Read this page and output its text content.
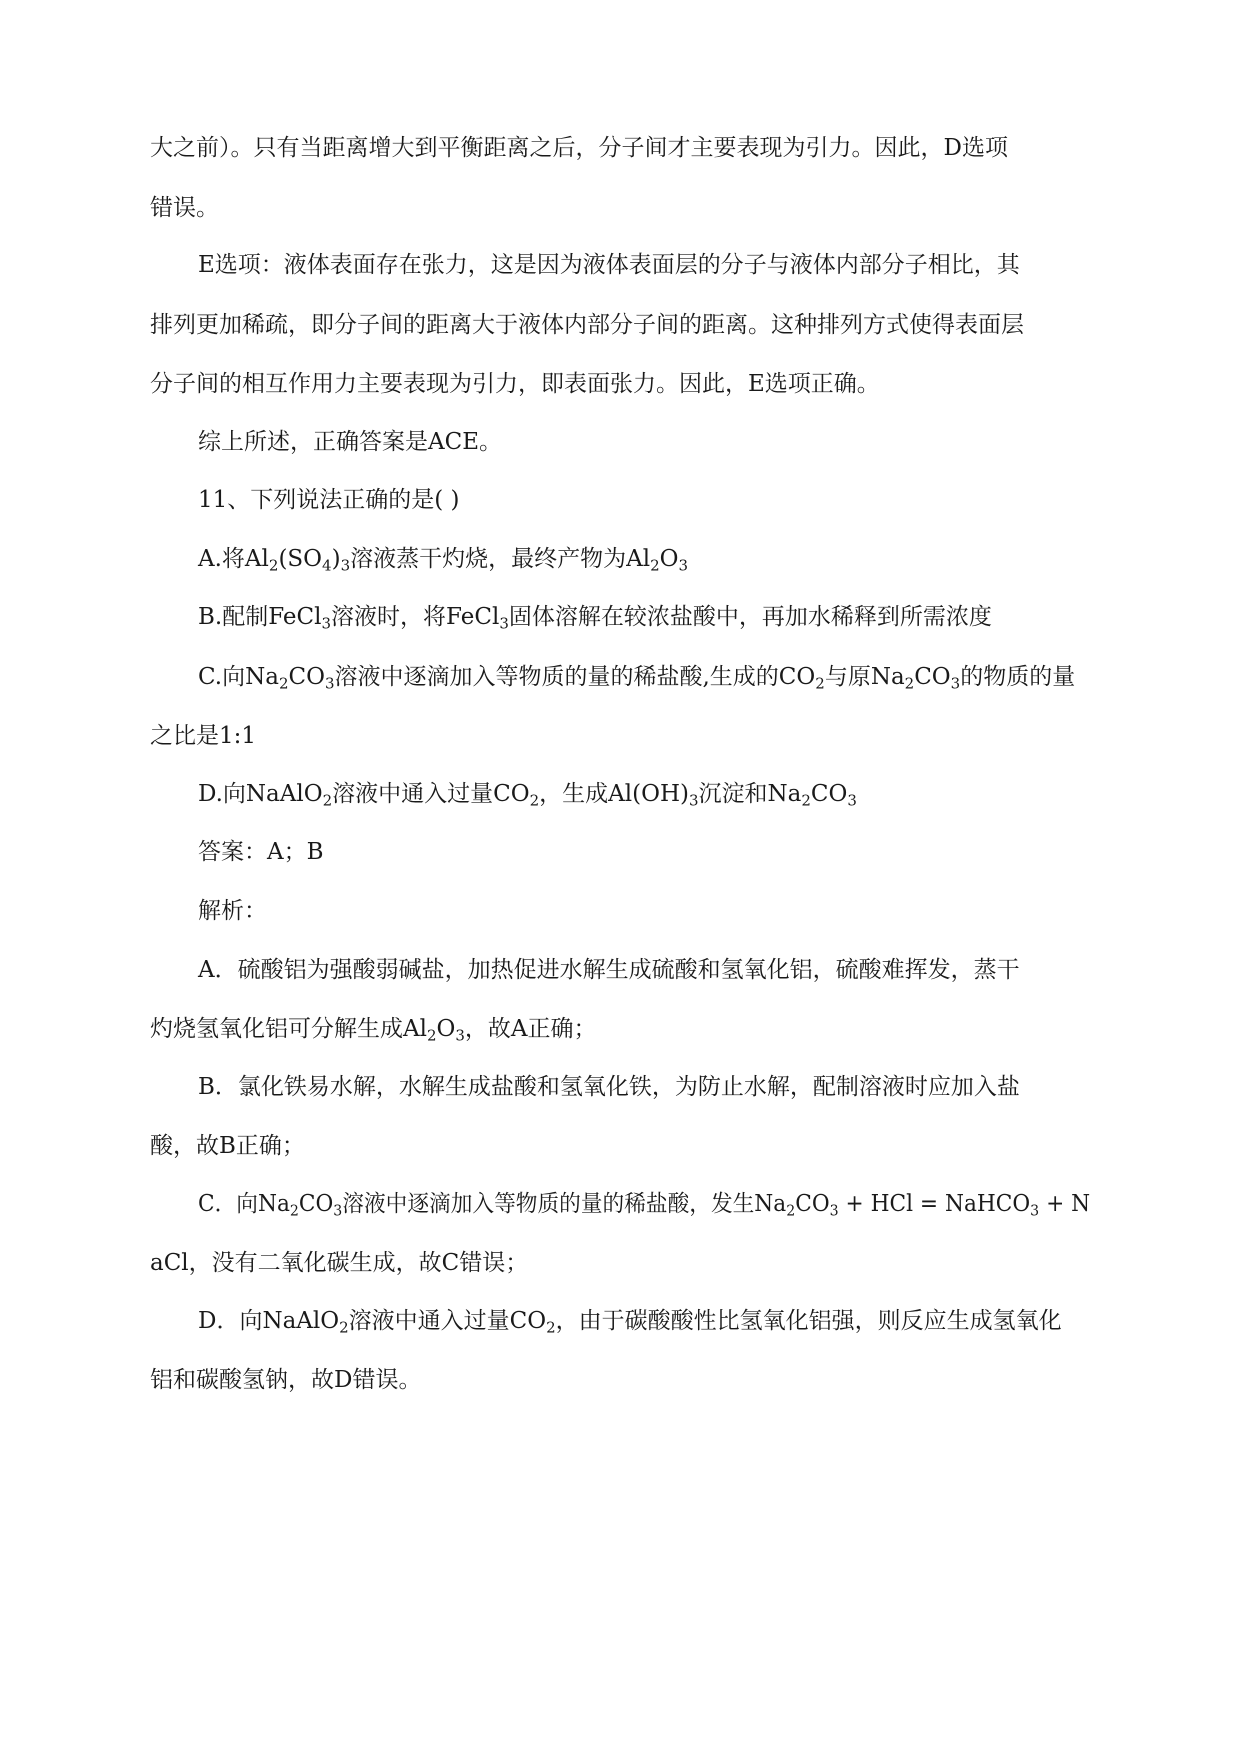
大之前）。只有当距离增大到平衡距离之后，分子间才主要表现为引力。因此，D选项

错误。

E选项：液体表面存在张力，这是因为液体表面层的分子与液体内部分子相比，其

排列更加稀疏，即分子间的距离大于液体内部分子间的距离。这种排列方式使得表面层

分子间的相互作用力主要表现为引力，即表面张力。因此，E选项正确。

综上所述，正确答案是ACE。

11、下列说法正确的是( )

A.将$Al_2(SO_4)_3$溶液蒸干灼烧，最终产物为$Al_2O_3$

B.配制FeCl$_3$溶液时，将FeCl$_3$固体溶解在较浓盐酸中，再加水稀释到所需浓度

C.向$Na_2CO_3$溶液中逐滴加入等物质的量的稀盐酸,生成的$CO_2$与原$Na_2CO_3$的物质的量

之比是1:1

D.向NaAlO$_2$溶液中通入过量$CO_2$，生成$Al(OH)_3$沉淀和$Na_2CO_3$

答案：A；B

解析：

A．硫酸铝为强酸弱碱盐，加热促进水解生成硫酸和氢氧化铝，硫酸难挥发，蒸干

灼烧氢氧化铝可分解生成$Al_2O_3$，故A正确；

B．氯化铁易水解，水解生成盐酸和氢氧化铁，为防止水解，配制溶液时应加入盐

酸，故B正确；

C．向$Na_2CO_3$溶液中逐滴加入等物质的量的稀盐酸，发生$Na_2CO_3$ + HCl = NaHCO$_3$ + N

aCl，没有二氧化碳生成，故C错误；

D．向NaAlO$_2$溶液中通入过量$CO_2$，由于碳酸酸性比氢氧化铝强，则反应生成氢氧化

铝和碳酸氢钠，故D错误。
